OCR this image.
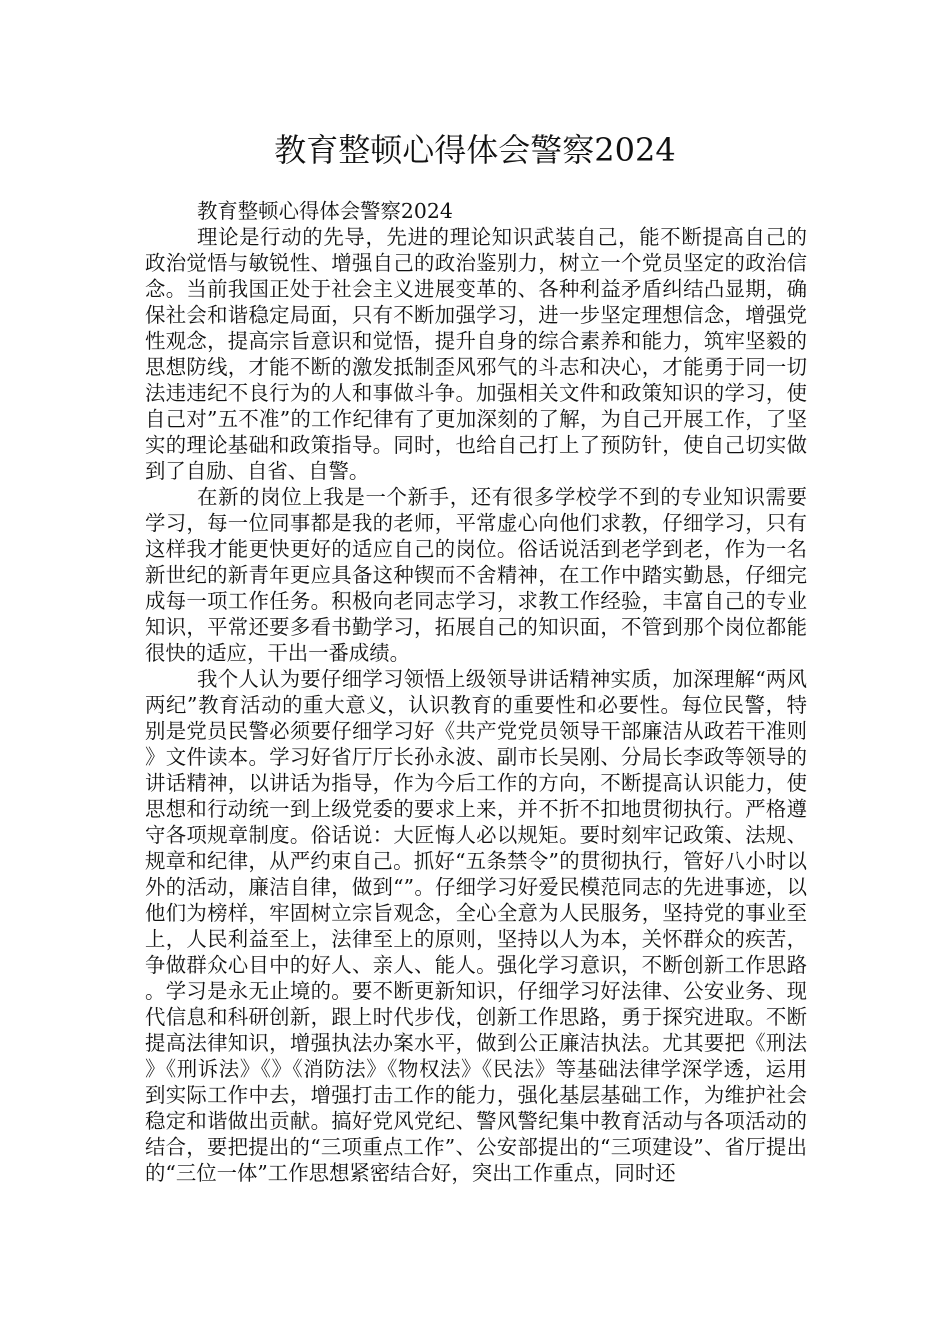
教育整顿心得体会警察2024

教育整顿心得体会警察2024

理论是行动的先导，先进的理论知识武装自己，能不断提高自己的政治觉悟与敏锐性、增强自己的政治鉴别力，树立一个党员坚定的政治信念。当前我国正处于社会主义进展变革的、各种利益矛盾纠结凸显期，确保社会和谐稳定局面，只有不断加强学习，进一步坚定理想信念，增强党性观念，提高宗旨意识和觉悟，提升自身的综合素养和能力，筑牢坚毅的思想防线，才能不断的激发抵制歪风邪气的斗志和决心，才能勇于同一切法违违纪不良行为的人和事做斗争。加强相关文件和政策知识的学习，使自己对”五不准”的工作纪律有了更加深刻的了解，为自己开展工作，了坚实的理论基础和政策指导。同时，也给自己打上了预防针，使自己切实做到了自励、自省、自警。

在新的岗位上我是一个新手，还有很多学校学不到的专业知识需要学习，每一位同事都是我的老师，平常虚心向他们求教，仔细学习，只有这样我才能更快更好的适应自己的岗位。俗话说活到老学到老，作为一名新世纪的新青年更应具备这种锲而不舍精神，在工作中踏实勤恳，仔细完成每一项工作任务。积极向老同志学习，求教工作经验，丰富自己的专业知识，平常还要多看书勤学习，拓展自己的知识面，不管到那个岗位都能很快的适应，干出一番成绩。

我个人认为要仔细学习领悟上级领导讲话精神实质，加深理解“两风两纪”教育活动的重大意义，认识教育的重要性和必要性。每位民警，特别是党员民警必须要仔细学习好《共产党党员领导干部廉洁从政若干准则》文件读本。学习好省厅厅长孙永波、副市长吴刚、分局长李政等领导的讲话精神，以讲话为指导，作为今后工作的方向，不断提高认识能力，使思想和行动统一到上级党委的要求上来，并不折不扣地贯彻执行。严格遵守各项规章制度。俗话说：大匠悔人必以规矩。要时刻牢记政策、法规、规章和纪律，从严约束自己。抓好“五条禁令”的贯彻执行，管好八小时以外的活动，廉洁自律，做到“”。仔细学习好爱民模范同志的先进事迹，以他们为榜样，牢固树立宗旨观念，全心全意为人民服务，坚持党的事业至上，人民利益至上，法律至上的原则，坚持以人为本，关怀群众的疾苦，争做群众心目中的好人、亲人、能人。强化学习意识，不断创新工作思路。学习是永无止境的。要不断更新知识，仔细学习好法律、公安业务、现代信息和科研创新，跟上时代步伐，创新工作思路，勇于探究进取。不断提高法律知识，增强执法办案水平，做到公正廉洁执法。尤其要把《刑法》《刑诉法》《》《消防法》《物权法》《民法》等基础法律学深学透，运用到实际工作中去，增强打击工作的能力，强化基层基础工作，为维护社会稳定和谐做出贡献。搞好党风党纪、警风警纪集中教育活动与各项活动的结合，要把提出的“三项重点工作”、公安部提出的“三项建设”、省厅提出的“三位一体”工作思想紧密结合好，突出工作重点，同时还
